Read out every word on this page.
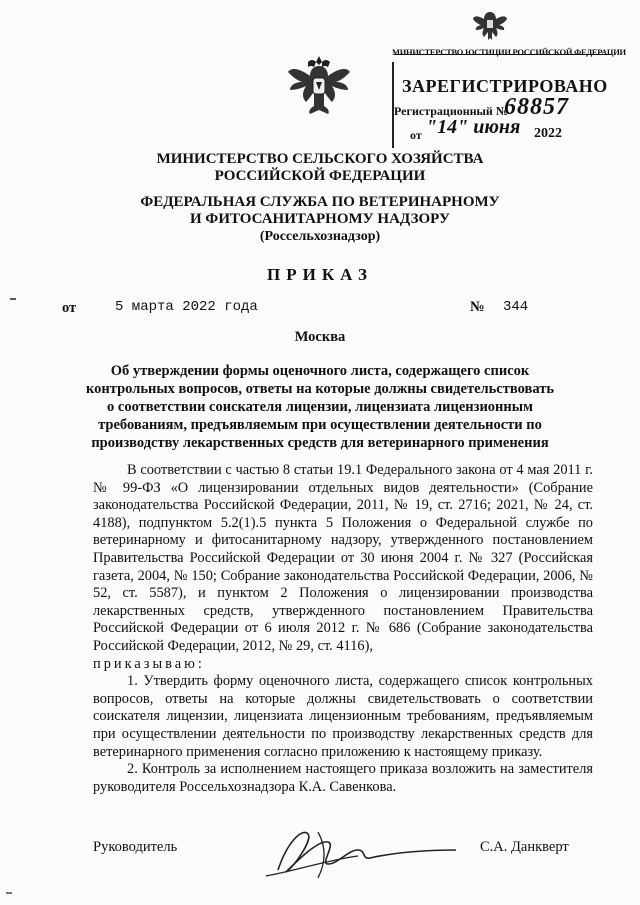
МИНИСТЕРСТВО ЮСТИЦИИ РОССИЙСКОЙ ФЕДЕРАЦИИ
ЗАРЕГИСТРИРОВАНО
Регистрационный №
68857
от "14" июня 2022
МИНИСТЕРСТВО СЕЛЬСКОГО ХОЗЯЙСТВА
РОССИЙСКОЙ ФЕДЕРАЦИИ
ФЕДЕРАЛЬНАЯ СЛУЖБА ПО ВЕТЕРИНАРНОМУ
И ФИТОСАНИТАРНОМУ НАДЗОРУ
(Россельхознадзор)
ПРИКАЗ
от	5 марта 2022 года	№ 344
Москва
Об утверждении формы оценочного листа, содержащего список
контрольных вопросов, ответы на которые должны свидетельствовать
о соответствии соискателя лицензии, лицензиата лицензионным
требованиям, предъявляемым при осуществлении деятельности по
производству лекарственных средств для ветеринарного применения

В соответствии с частью 8 статьи 19.1 Федерального закона от 4 мая 2011 г. № 99-ФЗ «О лицензировании отдельных видов деятельности» (Собрание законодательства Российской Федерации, 2011, № 19, ст. 2716; 2021, № 24, ст. 4188), подпунктом 5.2(1).5 пункта 5 Положения о Федеральной службе по ветеринарному и фитосанитарному надзору, утвержденного постановлением Правительства Российской Федерации от 30 июня 2004 г. № 327 (Российская газета, 2004, № 150; Собрание законодательства Российской Федерации, 2006, № 52, ст. 5587), и пунктом 2 Положения о лицензировании производства лекарственных средств, утвержденного постановлением Правительства Российской Федерации от 6 июля 2012 г. № 686 (Собрание законодательства Российской Федерации, 2012, № 29, ст. 4116),

приказываю:

1. Утвердить форму оценочного листа, содержащего список контрольных вопросов, ответы на которые должны свидетельствовать о соответствии соискателя лицензии, лицензиата лицензионным требованиям, предъявляемым при осуществлении деятельности по производству лекарственных средств для ветеринарного применения согласно приложению к настоящему приказу.

2. Контроль за исполнением настоящего приказа возложить на заместителя руководителя Россельхознадзора К.А. Савенкова.

Руководитель	С.А. Данкверт
